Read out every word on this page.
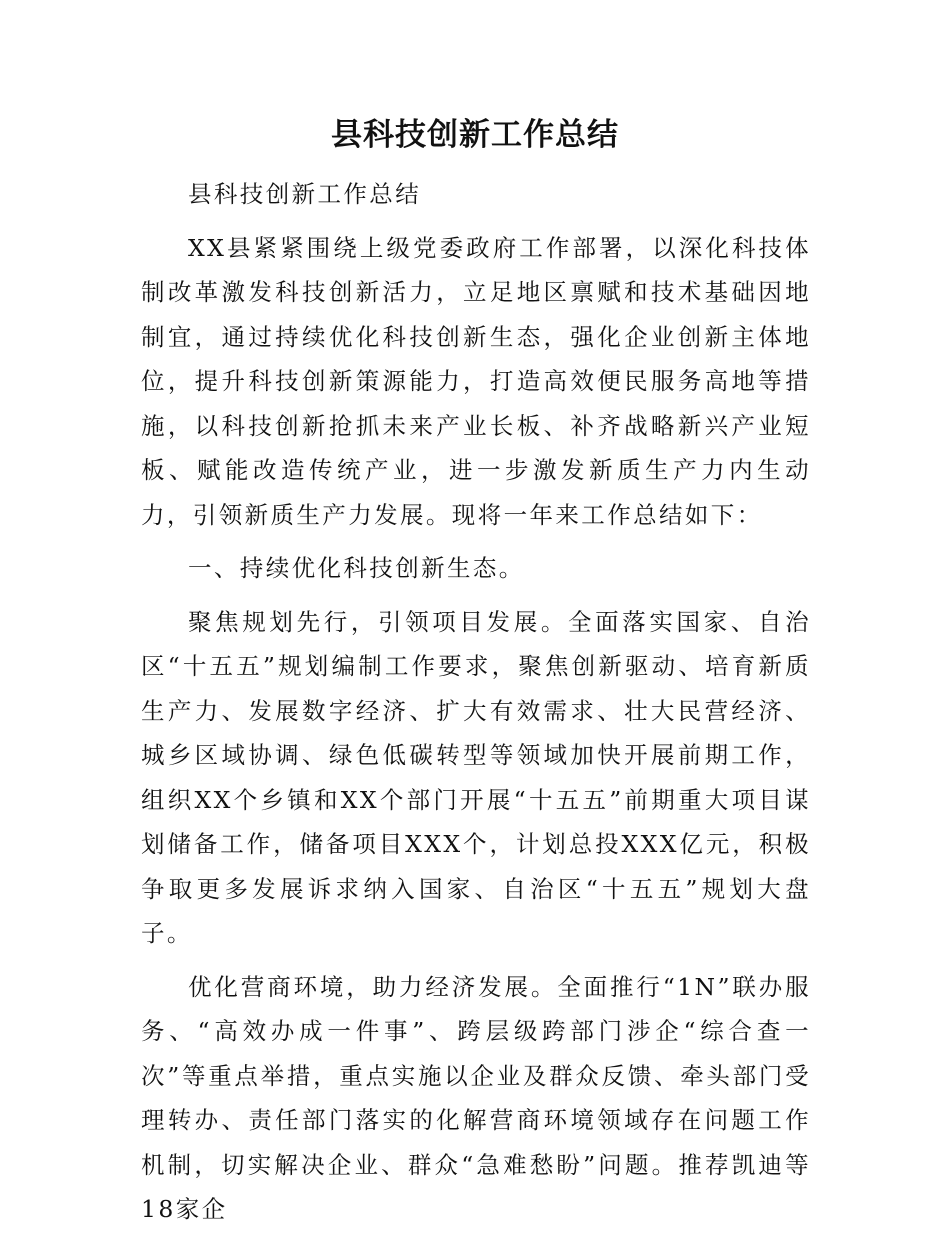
县科技创新工作总结

县科技创新工作总结

XX县紧紧围绕上级党委政府工作部署，以深化科技体制改革激发科技创新活力，立足地区禀赋和技术基础因地制宜，通过持续优化科技创新生态，强化企业创新主体地位，提升科技创新策源能力，打造高效便民服务高地等措施，以科技创新抢抓未来产业长板、补齐战略新兴产业短板、赋能改造传统产业，进一步激发新质生产力内生动力，引领新质生产力发展。现将一年来工作总结如下：

一、持续优化科技创新生态。

聚焦规划先行，引领项目发展。全面落实国家、自治区“十五五”规划编制工作要求，聚焦创新驱动、培育新质生产力、发展数字经济、扩大有效需求、壮大民营经济、城乡区域协调、绿色低碳转型等领域加快开展前期工作，组织XX个乡镇和XX个部门开展“十五五”前期重大项目谋划储备工作，储备项目XXX个，计划总投XXX亿元，积极争取更多发展诉求纳入国家、自治区“十五五”规划大盘子。

优化营商环境，助力经济发展。全面推行“1N”联办服务、“高效办成一件事”、跨层级跨部门涉企“综合查一次”等重点举措，重点实施以企业及群众反馈、牵头部门受理转办、责任部门落实的化解营商环境领域存在问题工作机制，切实解决企业、群众“急难愁盼”问题。推荐凯迪等18家企
